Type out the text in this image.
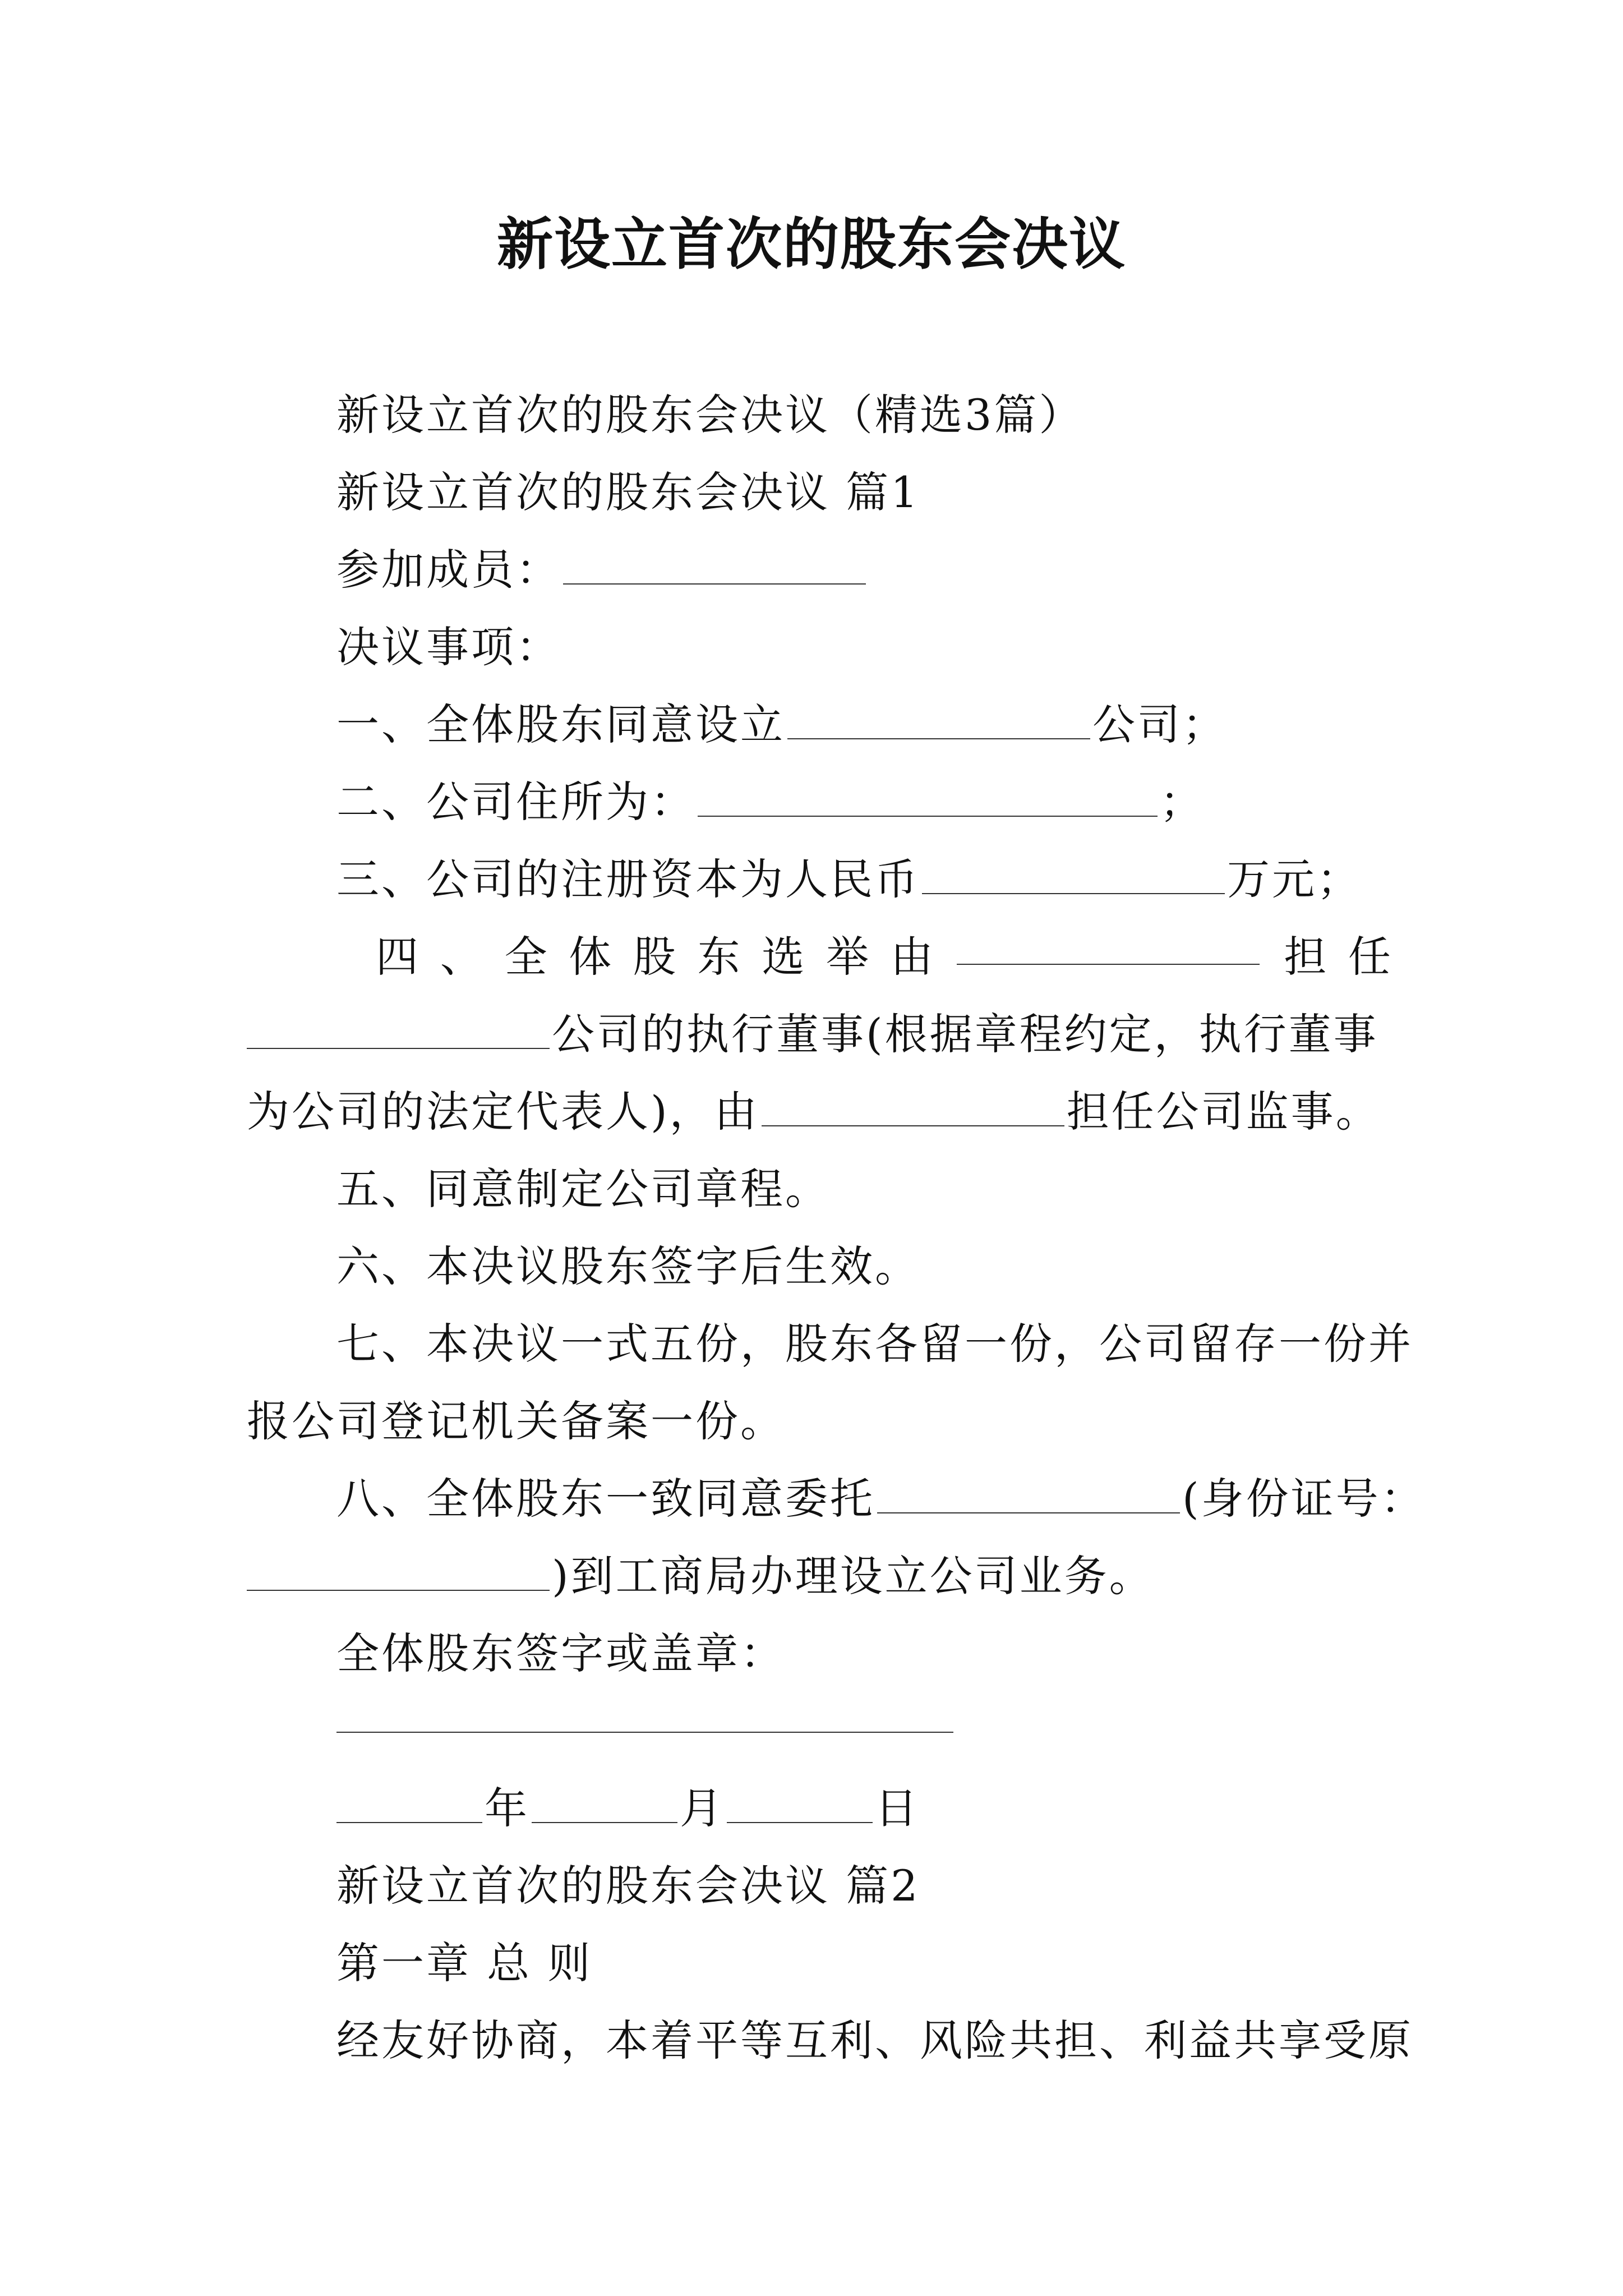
新设立首次的股东会决议
新设立首次的股东会决议（精选3篇）
新设立首次的股东会决议 篇1
参加成员：
决议事项：
一、全体股东同意设立	公司；
二、公司住所为：	；
三、公司的注册资本为人民币	万元；
四 、 全 体 股 东 选 举 由	担 任
公司的执行董事(根据章程约定，执行董事
为公司的法定代表人)，由	担任公司监事。
五、同意制定公司章程。
六、本决议股东签字后生效。
七、本决议一式五份，股东各留一份，公司留存一份并
报公司登记机关备案一份。
八、全体股东一致同意委托	(身份证号：
)到工商局办理设立公司业务。
全体股东签字或盖章：
年	月	日
新设立首次的股东会决议 篇2
第一章 总 则
经友好协商，本着平等互利、风险共担、利益共享受原
